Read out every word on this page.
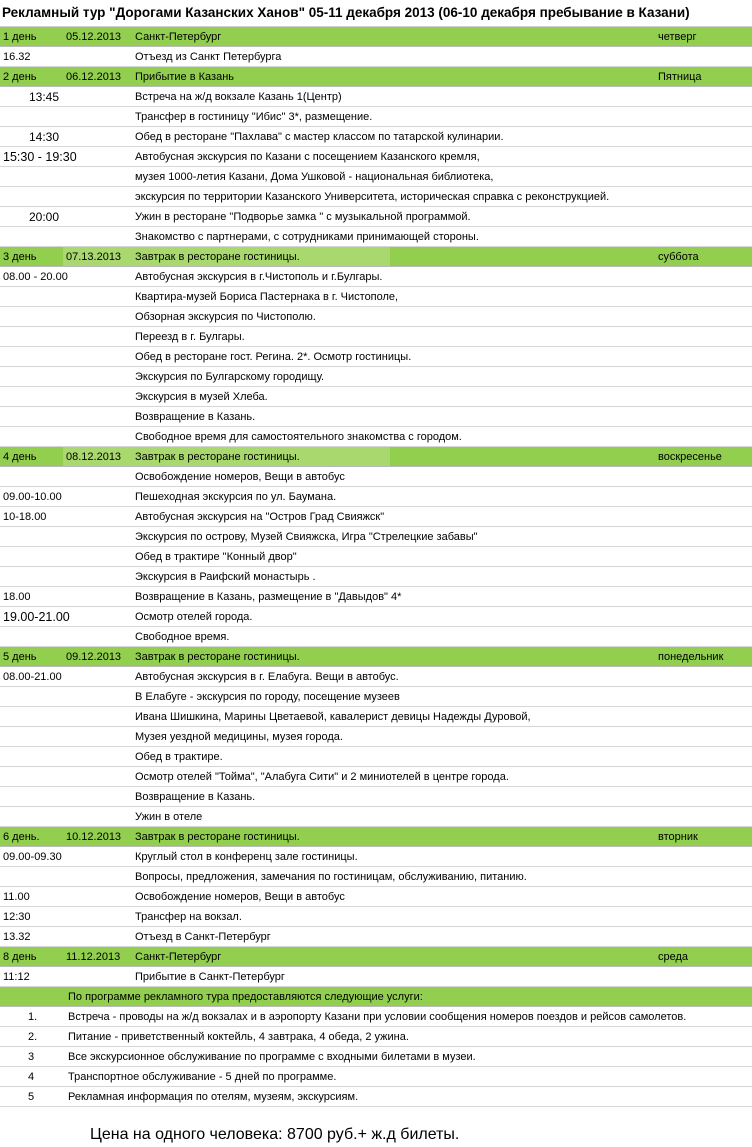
Рекламный тур "Дорогами Казанских Ханов" 05-11 декабря 2013 (06-10 декабря пребывание в Казани)
1 день	05.12.2013 Санкт-Петербург	четверг
16.32	Отъезд из Санкт Петербурга
2 день	06.12.2013 Прибытие в Казань	Пятница
13:45	Встреча на ж/д вокзале Казань 1(Центр)
Трансфер в гостиницу "Ибис" 3*, размещение.
14:30	Обед в ресторане "Пахлава" с мастер классом по татарской кулинарии.
15:30 - 19:30	Автобусная экскурсия по Казани с посещением Казанского кремля,
музея 1000-летия Казани, Дома Ушковой - национальная библиотека,
экскурсия по территории Казанского Университета, историческая справка с реконструкцией.
20:00	Ужин в ресторане "Подворье замка " с музыкальной программой.
Знакомство с партнерами, с сотрудниками принимающей стороны.
3 день	07.13.2013 Завтрак в ресторане гостиницы.	суббота
08.00 - 20.00	Автобусная экскурсия в г.Чистополь и г.Булгары.
Квартира-музей Бориса Пастернака в г. Чистополе,
Обзорная экскурсия по Чистополю.
Переезд в г. Булгары.
Обед в ресторане гост. Регина. 2*. Осмотр гостиницы.
Экскурсия по Булгарскому городищу.
Экскурсия в музей Хлеба.
Возвращение в Казань.
Свободное время для самостоятельного знакомства с городом.
4 день	08.12.2013 Завтрак в ресторане гостиницы.	воскресенье
Освобождение номеров, Вещи в автобус
09.00-10.00	Пешеходная экскурсия по ул. Баумана.
10-18.00	Автобусная экскурсия на "Остров Град Свияжск"
Экскурсия по острову, Музей Свияжска, Игра "Стрелецкие забавы"
Обед в трактире "Конный двор"
Экскурсия в Раифский монастырь .
18.00	Возвращение в Казань, размещение в "Давыдов" 4*
19.00-21.00	Осмотр отелей города.
Свободное время.
5 день	09.12.2013 Завтрак в ресторане гостиницы.	понедельник
08.00-21.00	Автобусная экскурсия в г. Елабуга. Вещи в автобус.
В Елабуге - экскурсия по городу, посещение музеев
Ивана Шишкина, Марины Цветаевой, кавалерист девицы Надежды Дуровой,
Музея уездной медицины, музея города.
Обед в трактире.
Осмотр отелей "Тойма", "Алабуга Сити" и 2 миниотелей в центре города.
Возвращение в Казань.
Ужин в отеле
6 день. 10.12.2013 Завтрак в ресторане гостиницы.	вторник
09.00-09.30	Круглый стол в конференц зале гостиницы.
Вопросы, предложения, замечания по гостиницам, обслуживанию, питанию.
11.00	Освобождение номеров, Вещи в автобус
12:30	Трансфер на вокзал.
13.32	Отъезд в Санкт-Петербург
8 день	11.12.2013 Санкт-Петербург	среда
11:12	Прибытие в Санкт-Петербург
По программе рекламного тура предоставляются следующие услуги:
1.	Встреча - проводы на ж/д вокзалах и в аэропорту Казани при условии сообщения номеров поездов и рейсов самолетов.
2.	Питание - приветственный коктейль, 4 завтрака, 4 обеда, 2 ужина.
3	Все экскурсионное обслуживание по программе с входными билетами в музеи.
4	Транспортное обслуживание - 5 дней по программе.
5	Рекламная информация по отелям, музеям, экскурсиям.
Цена на одного человека: 8700 руб.+ ж.д билеты.
